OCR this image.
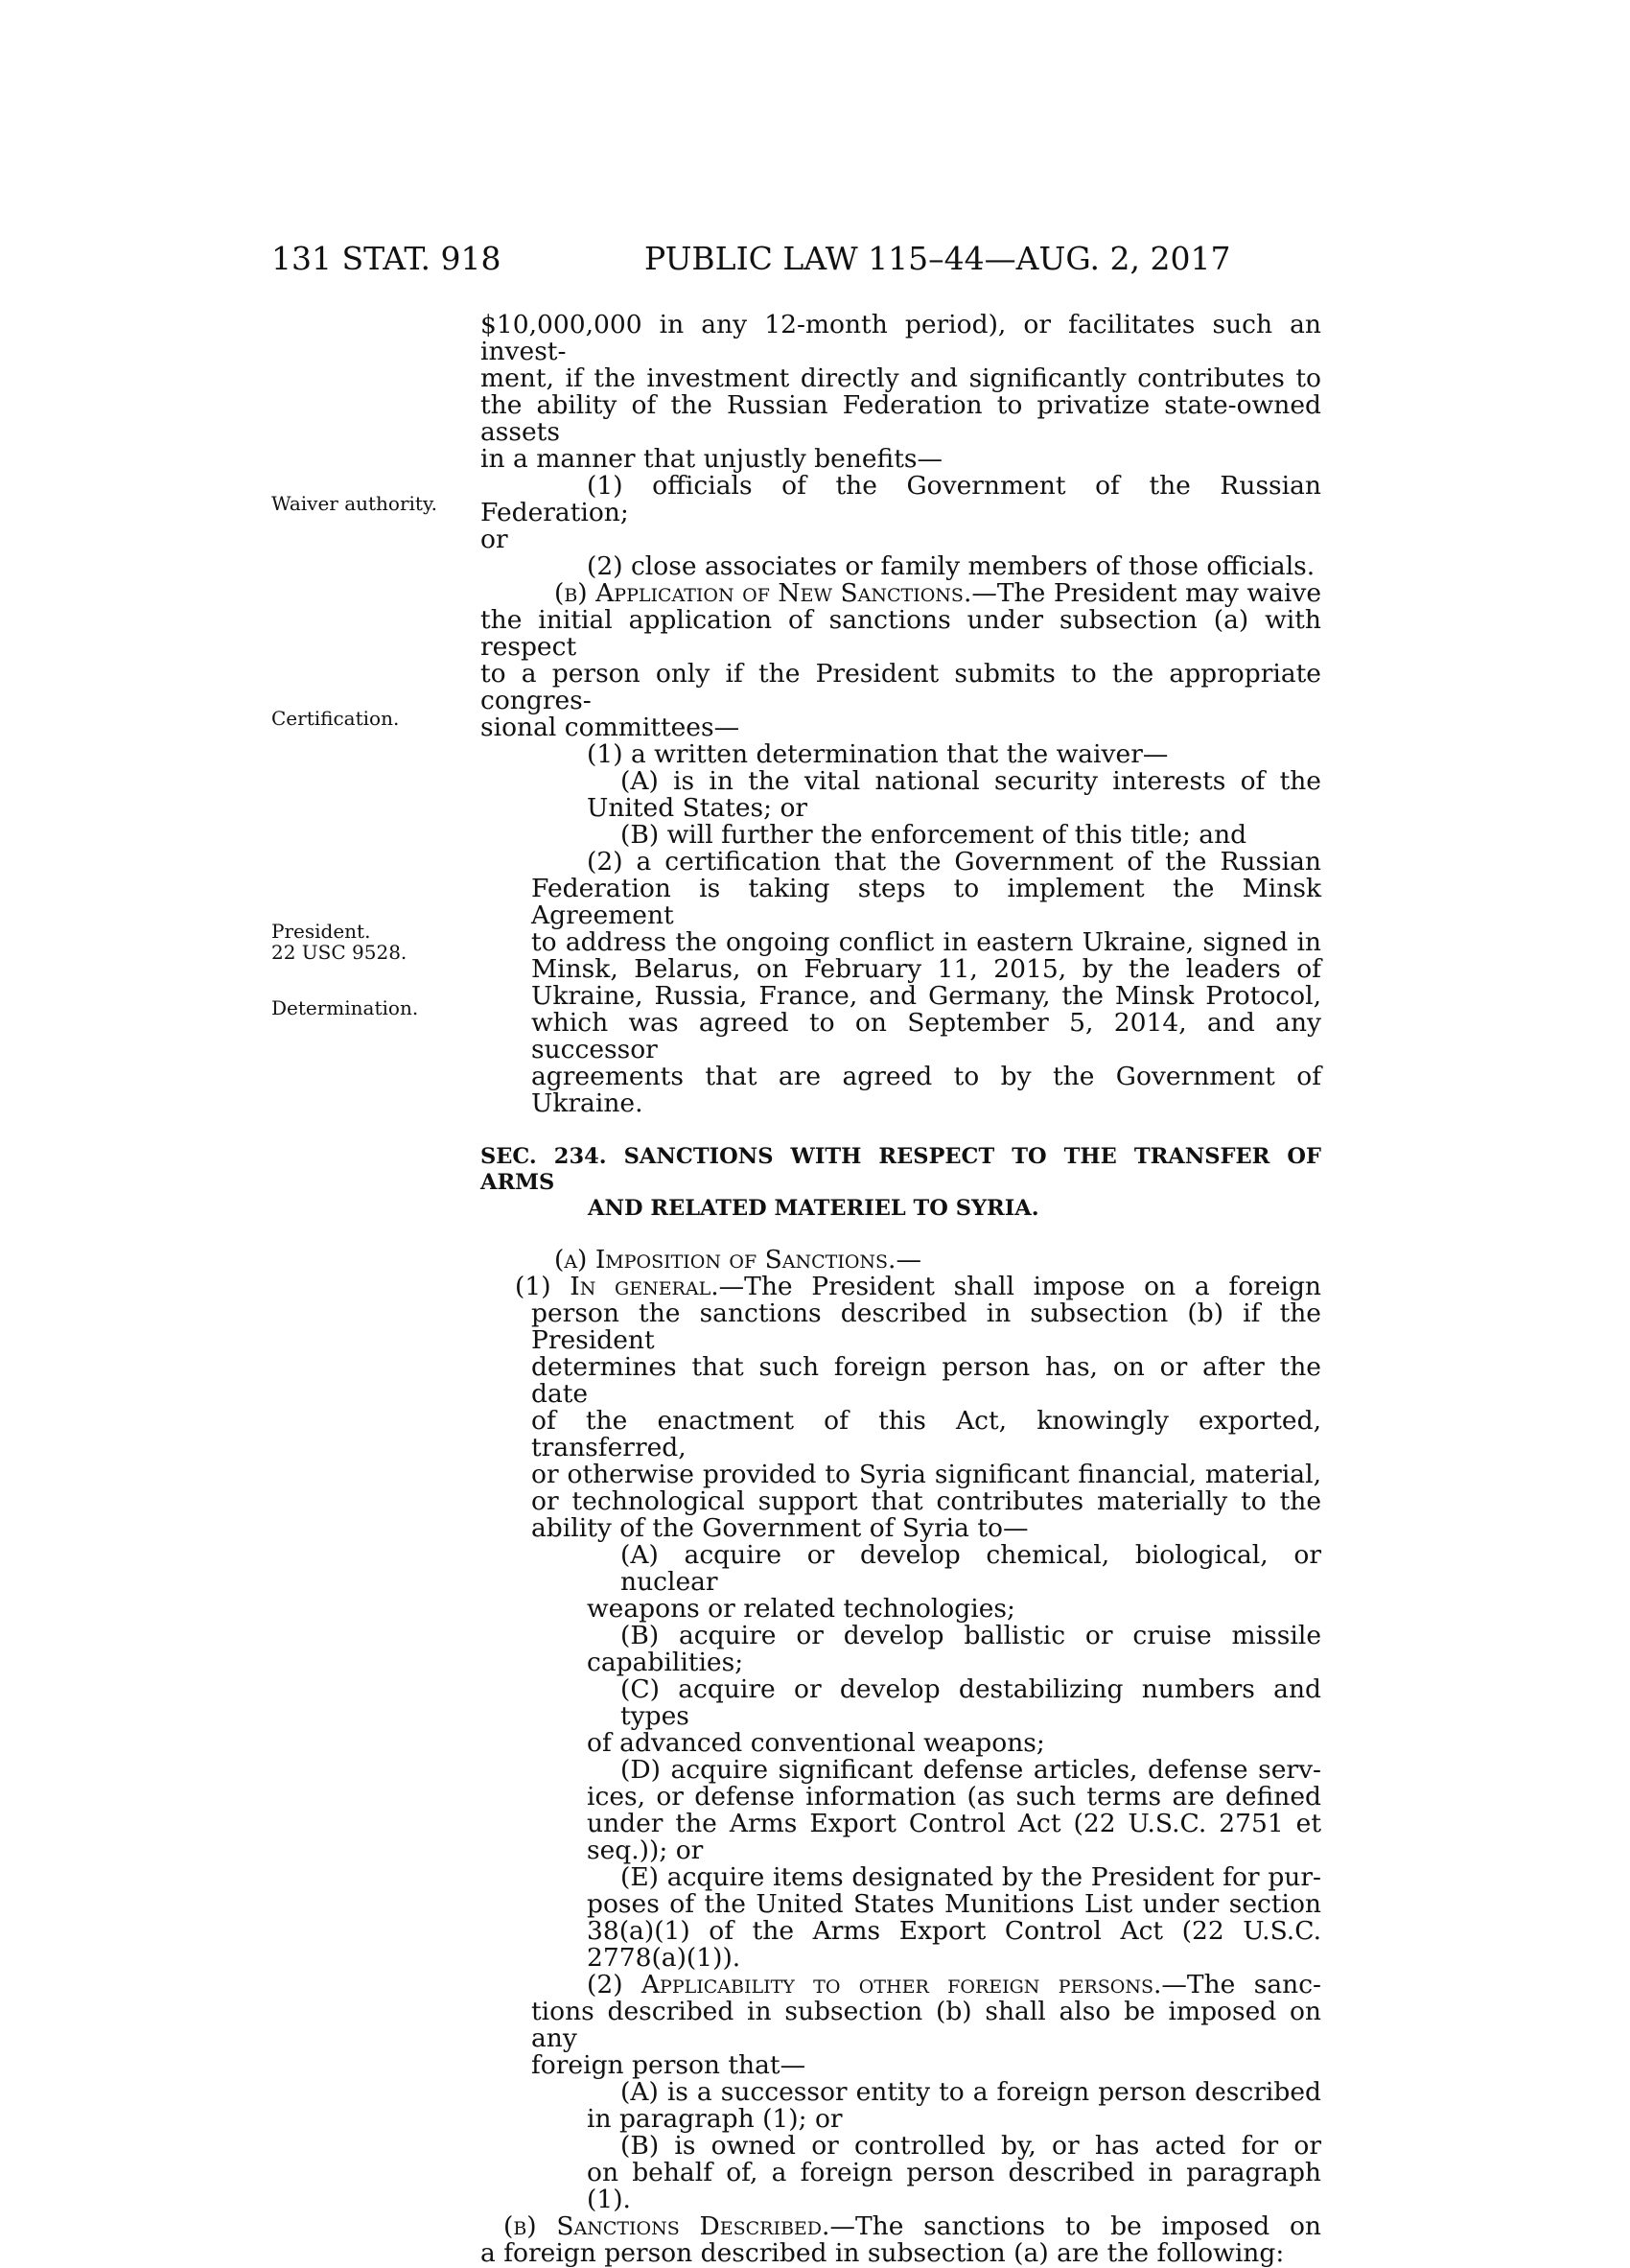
131 STAT. 918	PUBLIC LAW 115–44—AUG. 2, 2017
Waiver authority.
Certification.
President.
22 USC 9528.
Determination.

$10,000,000 in any 12-month period), or facilitates such an invest-

ment, if the investment directly and significantly contributes to

the ability of the Russian Federation to privatize state-owned assets

in a manner that unjustly benefits—

(1) officials of the Government of the Russian Federation;

or

(2) close associates or family members of those officials.

(b) Application of New Sanctions.—The President may waive

the initial application of sanctions under subsection (a) with respect

to a person only if the President submits to the appropriate congres-

sional committees—

(1) a written determination that the waiver—

(A) is in the vital national security interests of the

United States; or

(B) will further the enforcement of this title; and

(2) a certification that the Government of the Russian

Federation is taking steps to implement the Minsk Agreement

to address the ongoing conflict in eastern Ukraine, signed in

Minsk, Belarus, on February 11, 2015, by the leaders of

Ukraine, Russia, France, and Germany, the Minsk Protocol,

which was agreed to on September 5, 2014, and any successor

agreements that are agreed to by the Government of Ukraine.

SEC. 234. SANCTIONS WITH RESPECT TO THE TRANSFER OF ARMS
AND RELATED MATERIEL TO SYRIA.

(a) Imposition of Sanctions.—

(1) In general.—The President shall impose on a foreign

person the sanctions described in subsection (b) if the President

determines that such foreign person has, on or after the date

of the enactment of this Act, knowingly exported, transferred,

or otherwise provided to Syria significant financial, material,

or technological support that contributes materially to the

ability of the Government of Syria to—

(A) acquire or develop chemical, biological, or nuclear

weapons or related technologies;

(B) acquire or develop ballistic or cruise missile

capabilities;

(C) acquire or develop destabilizing numbers and types

of advanced conventional weapons;

(D) acquire significant defense articles, defense serv-

ices, or defense information (as such terms are defined

under the Arms Export Control Act (22 U.S.C. 2751 et

seq.)); or

(E) acquire items designated by the President for pur-

poses of the United States Munitions List under section

38(a)(1) of the Arms Export Control Act (22 U.S.C.

2778(a)(1)).

(2) Applicability to other foreign persons.—The sanc-

tions described in subsection (b) shall also be imposed on any

foreign person that—

(A) is a successor entity to a foreign person described

in paragraph (1); or

(B) is owned or controlled by, or has acted for or

on behalf of, a foreign person described in paragraph (1).

(b) Sanctions Described.—The sanctions to be imposed on

a foreign person described in subsection (a) are the following:
